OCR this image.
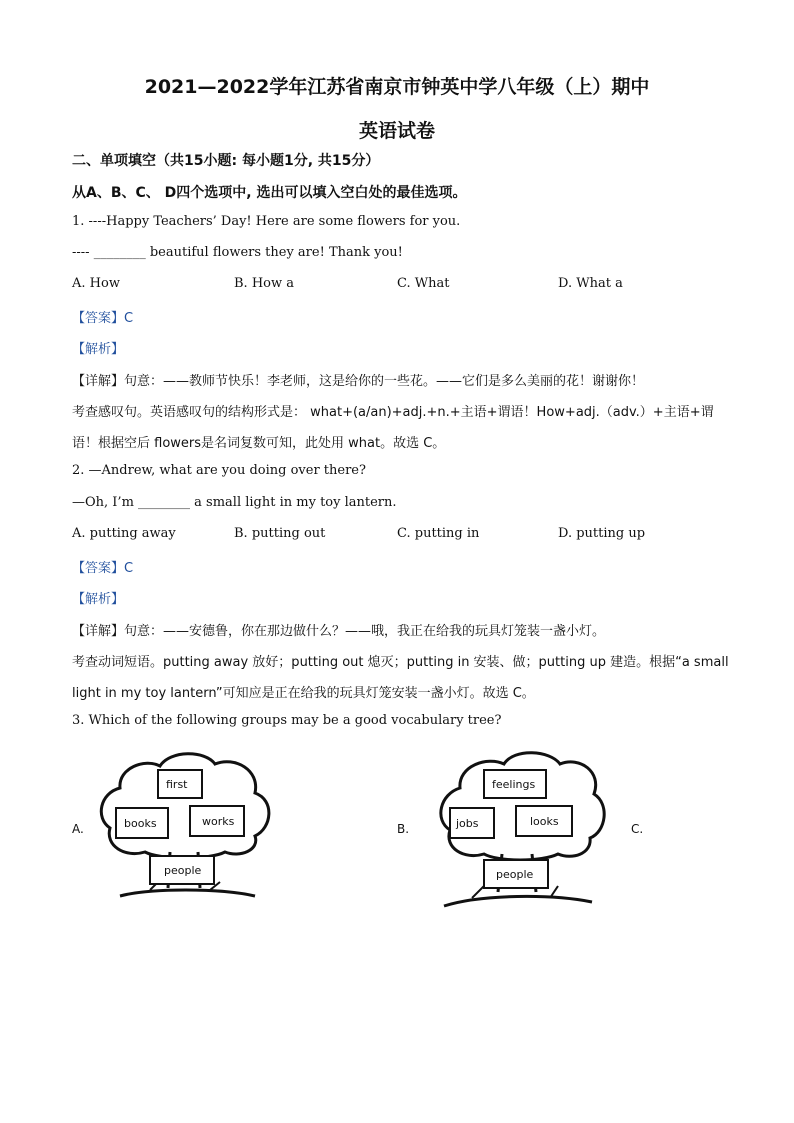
2021—2022学年江苏省南京市钟英中学八年级（上）期中
英语试卷
二、单项填空（共15小题: 每小题1分, 共15分）
从A、B、C、 D四个选项中, 选出可以填入空白处的最佳选项。
1. ----Happy Teachers’ Day! Here are some flowers for you.
---- ________ beautiful flowers they are! Thank you!
A. How	B. How a	C. What	D. What a
【答案】C
【解析】
【详解】句意：——教师节快乐！李老师，这是给你的一些花。——它们是多么美丽的花！谢谢你！
考查感叹句。英语感叹句的结构形式是： what+(a/an)+adj.+n.+主语+谓语！How+adj.（adv.）+主语+谓
语！根据空后 flowers是名词复数可知，此处用 what。故选 C。
2. —Andrew, what are you doing over there?
—Oh, I’m ________ a small light in my toy lantern.
A. putting away	B. putting out	C. putting in	D. putting up
【答案】C
【解析】
【详解】句意：——安德鲁，你在那边做什么？——哦，我正在给我的玩具灯笼装一盏小灯。
考查动词短语。putting away 放好；putting out 熄灭；putting in 安装、做；putting up 建造。根据“a small
light in my toy lantern”可知应是正在给我的玩具灯笼安装一盏小灯。故选 C。
3. Which of the following groups may be a good vocabulary tree?
A.	B.	C.
first
books	works
people
feelings
jobs	looks
people
